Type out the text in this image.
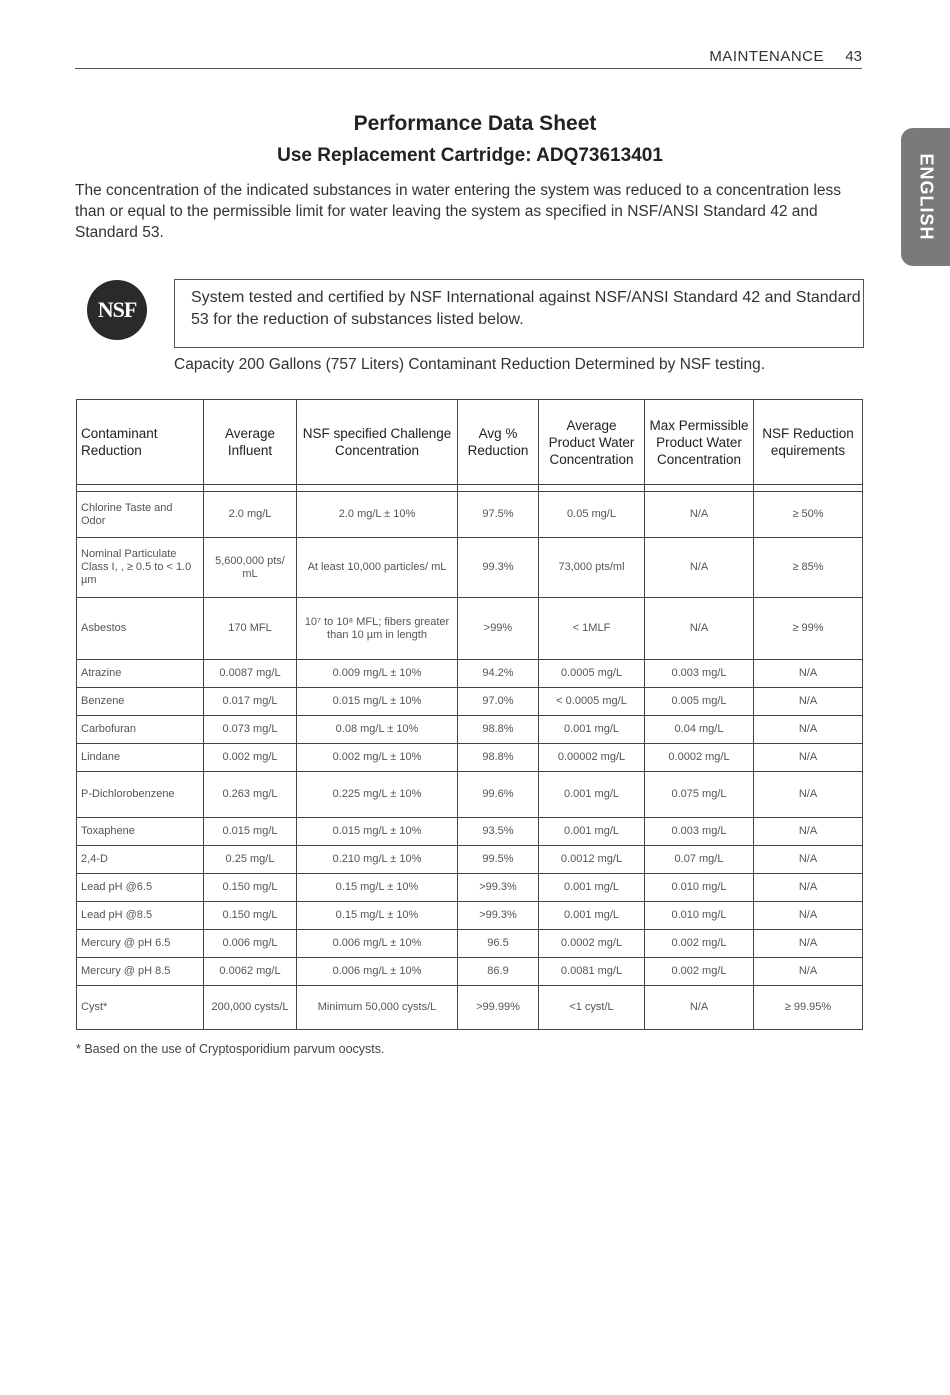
MAINTENANCE 43
ENGLISH
Performance Data Sheet
Use Replacement Cartridge: ADQ73613401
The concentration of the indicated substances in water entering the system was reduced to a concentration less than or equal to the permissible limit for water leaving the system as specified in NSF/ANSI Standard 42 and Standard 53.
NSF	System tested and certified by NSF International against NSF/ANSI Standard 42 and Standard 53 for the reduction of substances listed below.
Capacity 200 Gallons (757 Liters) Contaminant Reduction Determined by NSF testing.
Contaminant Reduction	Average Influent	NSF specified Challenge Concentration	Avg % Reduction	Average Product Water Concentration	Max Permissible Product Water Concentration	NSF Reduction equirements

Chlorine Taste and Odor	2.0 mg/L	2.0 mg/L ± 10%	97.5%	0.05 mg/L	N/A	≥ 50%
Nominal Particulate Class I, , ≥ 0.5 to < 1.0 µm	5,600,000 pts/ mL	At least 10,000 particles/ mL	99.3%	73,000 pts/ml	N/A	≥ 85%
Asbestos	170 MFL	10⁷ to 10⁸ MFL; fibers greater than 10 µm in length	>99%	< 1MLF	N/A	≥ 99%
Atrazine	0.0087 mg/L	0.009 mg/L ± 10%	94.2%	0.0005 mg/L	0.003 mg/L	N/A
Benzene	0.017 mg/L	0.015 mg/L ± 10%	97.0%	< 0.0005 mg/L	0.005 mg/L	N/A
Carbofuran	0.073 mg/L	0.08 mg/L ± 10%	98.8%	0.001 mg/L	0.04 mg/L	N/A
Lindane	0.002 mg/L	0.002 mg/L ± 10%	98.8%	0.00002 mg/L	0.0002 mg/L	N/A
P-Dichlorobenzene	0.263 mg/L	0.225 mg/L ± 10%	99.6%	0.001 mg/L	0.075 mg/L	N/A
Toxaphene	0.015 mg/L	0.015 mg/L ± 10%	93.5%	0.001 mg/L	0.003 mg/L	N/A
2,4-D	0.25 mg/L	0.210 mg/L ± 10%	99.5%	0.0012 mg/L	0.07 mg/L	N/A
Lead pH @6.5	0.150 mg/L	0.15 mg/L ± 10%	>99.3%	0.001 mg/L	0.010 mg/L	N/A
Lead pH @8.5	0.150 mg/L	0.15 mg/L ± 10%	>99.3%	0.001 mg/L	0.010 mg/L	N/A
Mercury @ pH 6.5	0.006 mg/L	0.006 mg/L ± 10%	96.5	0.0002 mg/L	0.002 mg/L	N/A
Mercury @ pH 8.5	0.0062 mg/L	0.006 mg/L ± 10%	86.9	0.0081 mg/L	0.002 mg/L	N/A
Cyst*	200,000 cysts/L	Minimum 50,000 cysts/L	>99.99%	<1 cyst/L	N/A	≥ 99.95%
* Based on the use of Cryptosporidium parvum oocysts.
